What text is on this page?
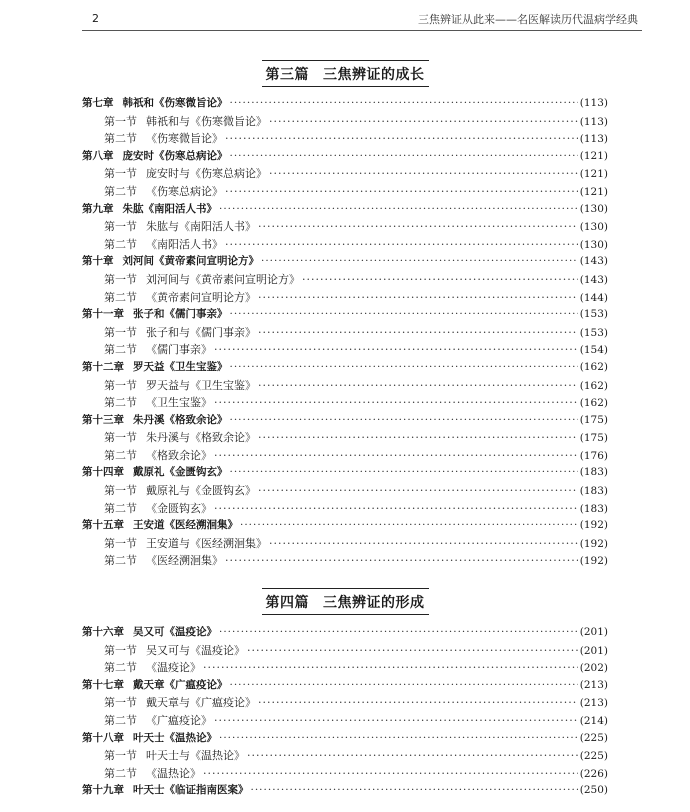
2	三焦辨证从此来——名医解读历代温病学经典
第三篇 三焦辨证的成长
第七章 韩祇和《伤寒微旨论》 ·····	(113)
第一节 韩祇和与《伤寒微旨论》 ·····	(113)
第二节 《伤寒微旨论》 ·····	(113)
第八章 庞安时《伤寒总病论》 ·····	(121)
第一节 庞安时与《伤寒总病论》 ·····	(121)
第二节 《伤寒总病论》 ·····	(121)
第九章 朱肱《南阳活人书》 ·····	(130)
第一节 朱肱与《南阳活人书》 ·····	(130)
第二节 《南阳活人书》 ·····	(130)
第十章 刘河间《黄帝素问宣明论方》 ·····	(143)
第一节 刘河间与《黄帝素问宣明论方》 ·····	(143)
第二节 《黄帝素问宣明论方》 ·····	(144)
第十一章 张子和《儒门事亲》 ·····	(153)
第一节 张子和与《儒门事亲》 ·····	(153)
第二节 《儒门事亲》 ·····	(154)
第十二章 罗天益《卫生宝鉴》 ·····	(162)
第一节 罗天益与《卫生宝鉴》 ·····	(162)
第二节 《卫生宝鉴》 ·····	(162)
第十三章 朱丹溪《格致余论》 ·····	(175)
第一节 朱丹溪与《格致余论》 ·····	(175)
第二节 《格致余论》 ·····	(176)
第十四章 戴原礼《金匮钩玄》 ·····	(183)
第一节 戴原礼与《金匮钩玄》 ·····	(183)
第二节 《金匮钩玄》 ·····	(183)
第十五章 王安道《医经溯洄集》 ·····	(192)
第一节 王安道与《医经溯洄集》 ·····	(192)
第二节 《医经溯洄集》 ·····	(192)
第四篇 三焦辨证的形成
第十六章 吴又可《温疫论》 ·····	(201)
第一节 吴又可与《温疫论》 ·····	(201)
第二节 《温疫论》 ·····	(202)
第十七章 戴天章《广瘟疫论》 ·····	(213)
第一节 戴天章与《广瘟疫论》 ·····	(213)
第二节 《广瘟疫论》 ·····	(214)
第十八章 叶天士《温热论》 ·····	(225)
第一节 叶天士与《温热论》 ·····	(225)
第二节 《温热论》 ·····	(226)
第十九章 叶天士《临证指南医案》 ·····	(250)
